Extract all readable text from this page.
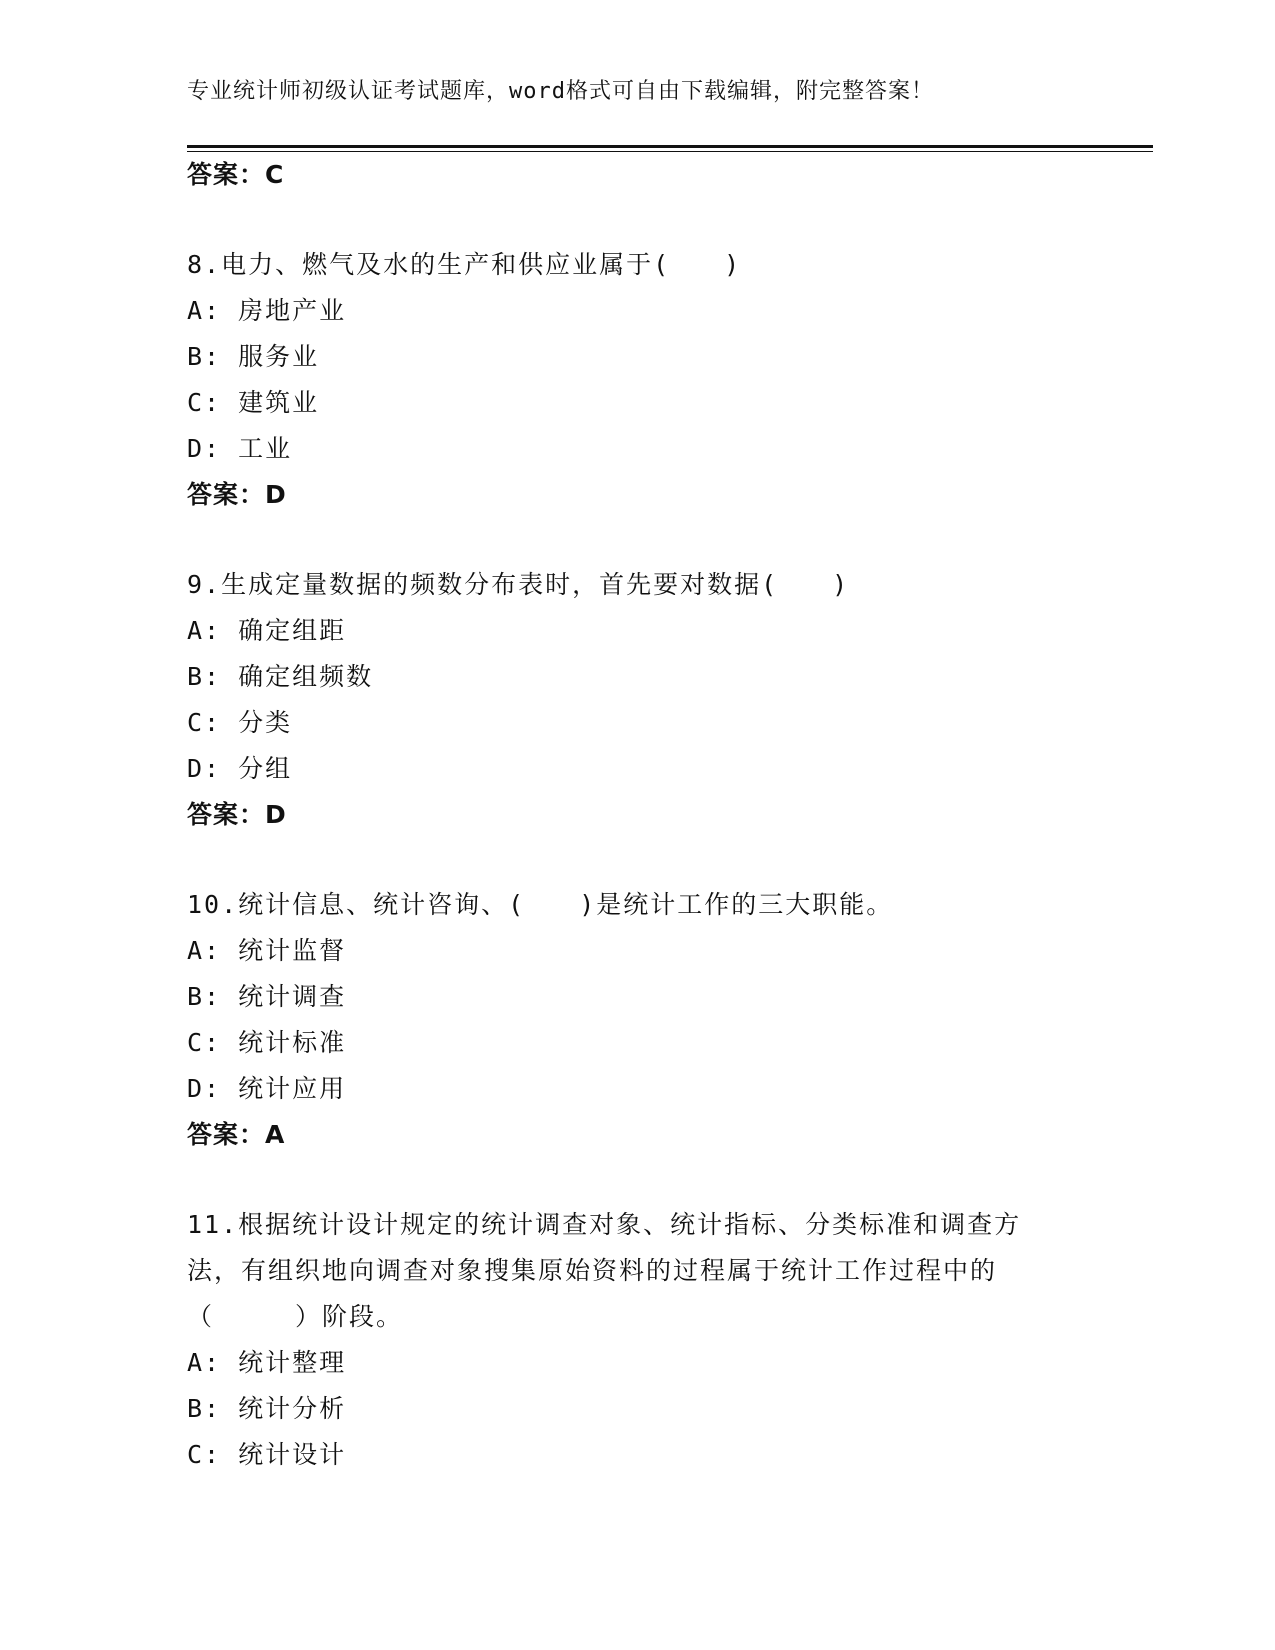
专业统计师初级认证考试题库，word格式可自由下载编辑，附完整答案！
答案：C
8.电力、燃气及水的生产和供应业属于(　　)
A: 房地产业
B: 服务业
C: 建筑业
D: 工业
答案：D
9.生成定量数据的频数分布表时，首先要对数据(　　)
A: 确定组距
B: 确定组频数
C: 分类
D: 分组
答案：D
10.统计信息、统计咨询、(　　)是统计工作的三大职能。
A: 统计监督
B: 统计调查
C: 统计标准
D: 统计应用
答案：A
11.根据统计设计规定的统计调查对象、统计指标、分类标准和调查方
法，有组织地向调查对象搜集原始资料的过程属于统计工作过程中的
（　　　）阶段。
A: 统计整理
B: 统计分析
C: 统计设计
